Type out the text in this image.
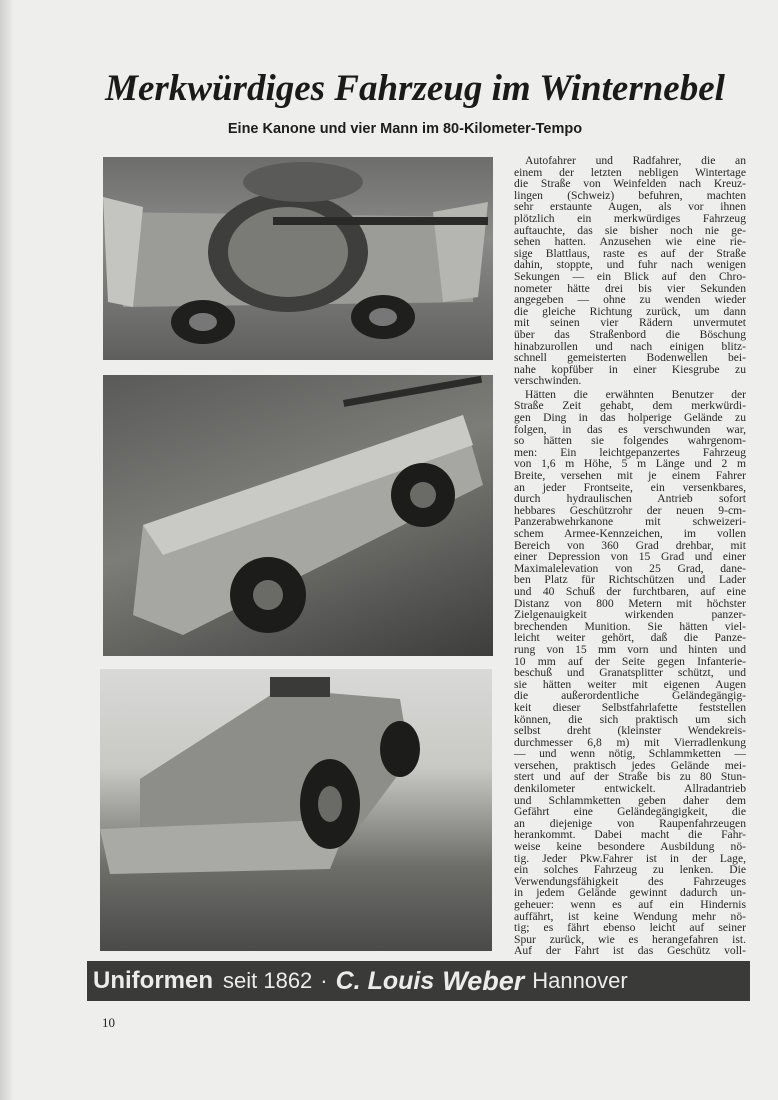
Merkwürdiges Fahrzeug im Winternebel
Eine Kanone und vier Mann im 80-Kilometer-Tempo
Autofahrer und Radfahrer, die an
einem der letzten nebligen Wintertage
die Straße von Weinfelden nach Kreuz-
lingen (Schweiz) befuhren, machten
sehr erstaunte Augen, als vor ihnen
plötzlich ein merkwürdiges Fahrzeug
auftauchte, das sie bisher noch nie ge-
sehen hatten. Anzusehen wie eine rie-
sige Blattlaus, raste es auf der Straße
dahin, stoppte, und fuhr nach wenigen
Sekungen — ein Blick auf den Chro-
nometer hätte drei bis vier Sekunden
angegeben — ohne zu wenden wieder
die gleiche Richtung zurück, um dann
mit seinen vier Rädern unvermutet
über das Straßenbord die Böschung
hinabzurollen und nach einigen blitz-
schnell gemeisterten Bodenwellen bei-
nahe kopfüber in einer Kiesgrube zu
verschwinden.
Hätten die erwähnten Benutzer der
Straße Zeit gehabt, dem merkwürdi-
gen Ding in das holperige Gelände zu
folgen, in das es verschwunden war,
so hätten sie folgendes wahrgenom-
men: Ein leichtgepanzertes Fahrzeug
von 1,6 m Höhe, 5 m Länge und 2 m
Breite, versehen mit je einem Fahrer
an jeder Frontseite, ein versenkbares,
durch hydraulischen Antrieb sofort
hebbares Geschützrohr der neuen 9-cm-
Panzerabwehrkanone mit schweizeri-
schem Armee-Kennzeichen, im vollen
Bereich von 360 Grad drehbar, mit
einer Depression von 15 Grad und einer
Maximalelevation von 25 Grad, dane-
ben Platz für Richtschützen und Lader
und 40 Schuß der furchtbaren, auf eine
Distanz von 800 Metern mit höchster
Zielgenauigkeit wirkenden panzer-
brechenden Munition. Sie hätten viel-
leicht weiter gehört, daß die Panze-
rung von 15 mm vorn und hinten und
10 mm auf der Seite gegen Infanterie-
beschuß und Granatsplitter schützt, und
sie hätten weiter mit eigenen Augen
die außerordentliche Geländegängig-
keit dieser Selbstfahrlafette feststellen
können, die sich praktisch um sich
selbst dreht (kleinster Wendekreis-
durchmesser 6,8 m) mit Vierradlenkung
— und wenn nötig, Schlammketten —
versehen, praktisch jedes Gelände mei-
stert und auf der Straße bis zu 80 Stun-
denkilometer entwickelt. Allradantrieb
und Schlammketten geben daher dem
Gefährt eine Geländegängigkeit, die
an diejenige von Raupenfahrzeugen
herankommt. Dabei macht die Fahr-
weise keine besondere Ausbildung nö-
tig. Jeder Pkw.Fahrer ist in der Lage,
ein solches Fahrzeug zu lenken. Die
Verwendungsfähigkeit des Fahrzeuges
in jedem Gelände gewinnt dadurch un-
geheuer: wenn es auf ein Hindernis
auffährt, ist keine Wendung mehr nö-
tig; es fährt ebenso leicht auf seiner
Spur zurück, wie es herangefahren ist.
Auf der Fahrt ist das Geschütz voll-
Uniformen seit 1862 · C. Louis Weber Hannover
10
